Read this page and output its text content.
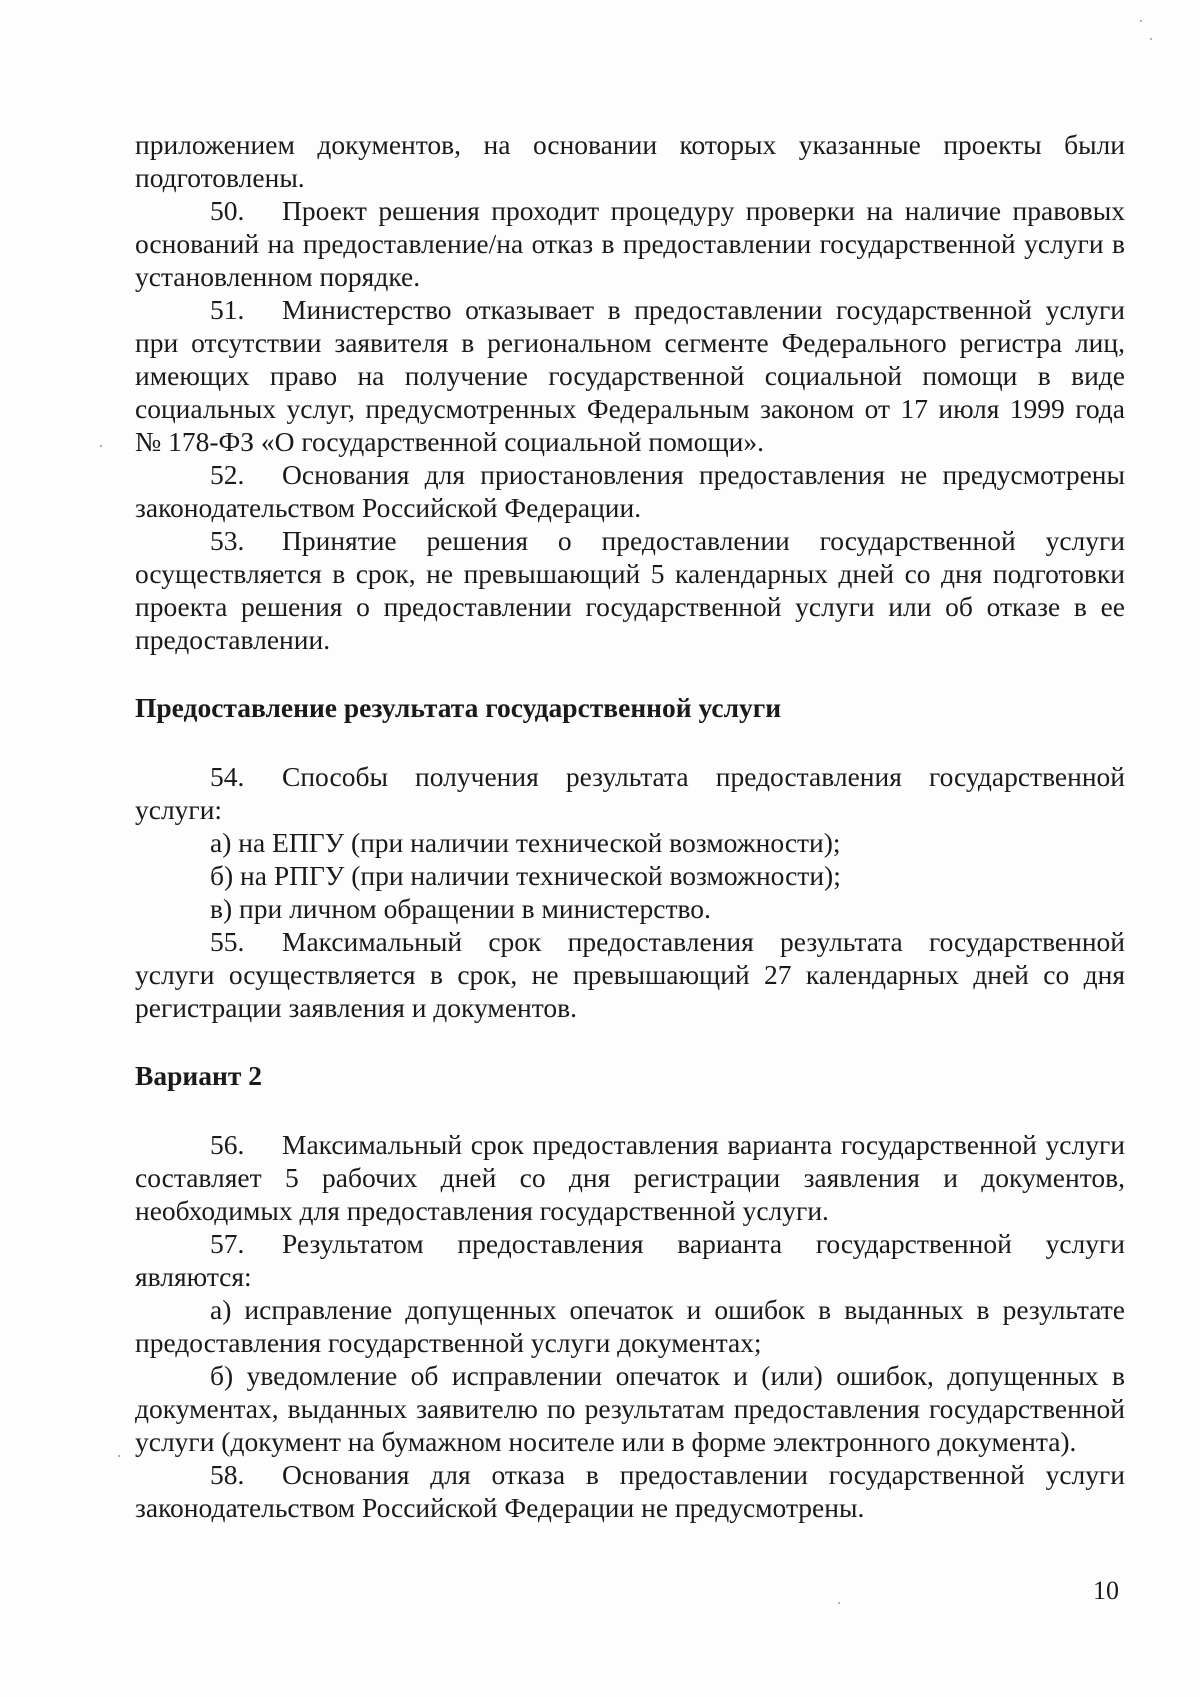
приложением документов, на основании которых указанные проекты были подготовлены.

50. Проект решения проходит процедуру проверки на наличие правовых оснований на предоставление/на отказ в предоставлении государственной услуги в установленном порядке.

51. Министерство отказывает в предоставлении государственной услуги при отсутствии заявителя в региональном сегменте Федерального регистра лиц, имеющих право на получение государственной социальной помощи в виде социальных услуг, предусмотренных Федеральным законом от 17 июля 1999 года № 178-ФЗ «О государственной социальной помощи».

52. Основания для приостановления предоставления не предусмотрены законодательством Российской Федерации.

53. Принятие решения о предоставлении государственной услуги осуществляется в срок, не превышающий 5 календарных дней со дня подготовки проекта решения о предоставлении государственной услуги или об отказе в ее предоставлении.

Предоставление результата государственной услуги

54. Способы получения результата предоставления государственной услуги:

а) на ЕПГУ (при наличии технической возможности);

б) на РПГУ (при наличии технической возможности);

в) при личном обращении в министерство.

55. Максимальный срок предоставления результата государственной услуги осуществляется в срок, не превышающий 27 календарных дней со дня регистрации заявления и документов.

Вариант 2

56. Максимальный срок предоставления варианта государственной услуги составляет 5 рабочих дней со дня регистрации заявления и документов, необходимых для предоставления государственной услуги.

57. Результатом предоставления варианта государственной услуги являются:

а) исправление допущенных опечаток и ошибок в выданных в результате предоставления государственной услуги документах;

б) уведомление об исправлении опечаток и (или) ошибок, допущенных в документах, выданных заявителю по результатам предоставления государственной услуги (документ на бумажном носителе или в форме электронного документа).

58. Основания для отказа в предоставлении государственной услуги законодательством Российской Федерации не предусмотрены.

10
